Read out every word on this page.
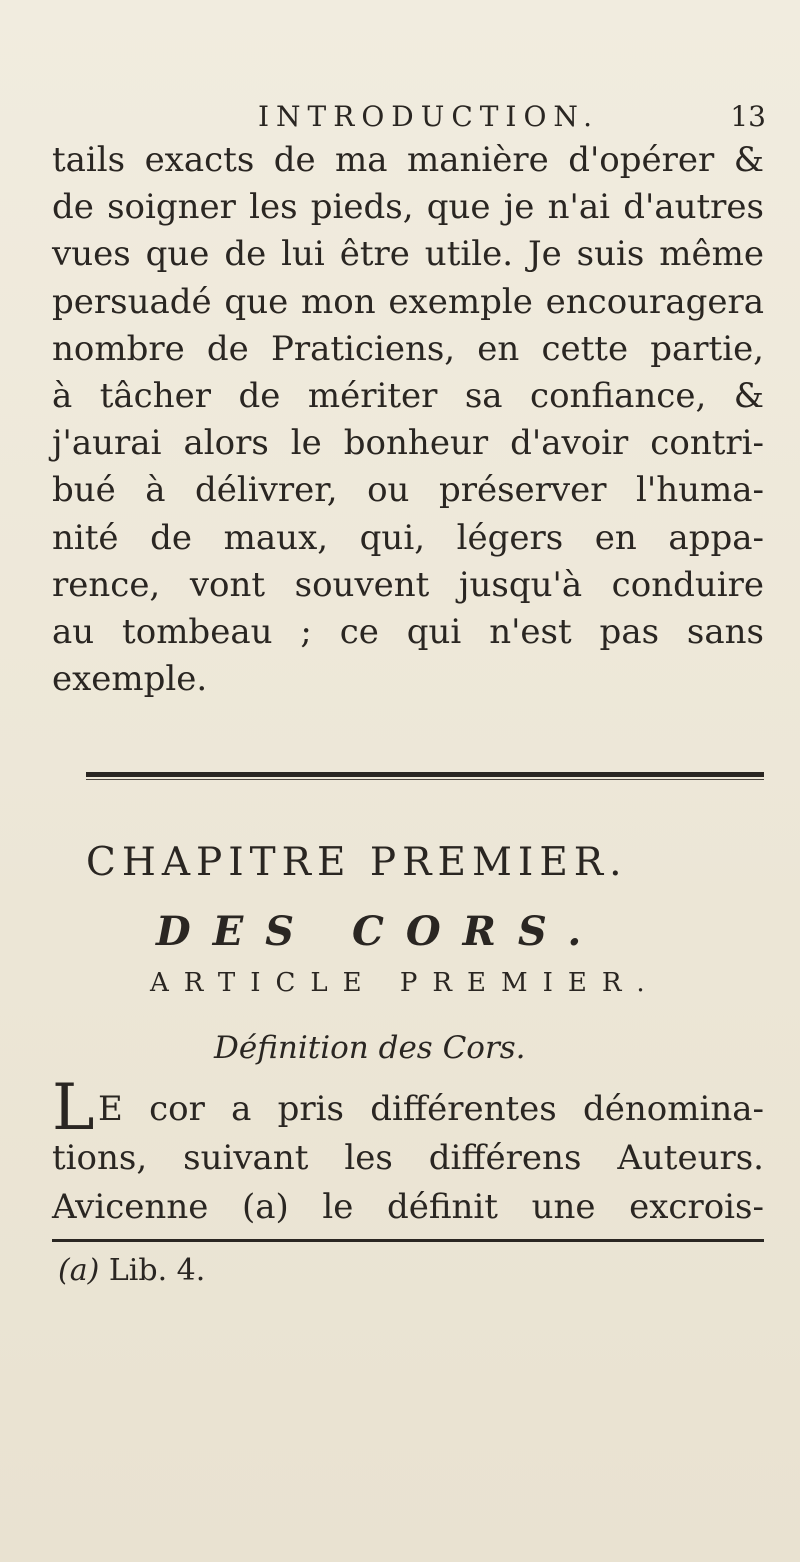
INTRODUCTION.	13
tails exacts de ma manière d'opérer &
de soigner les pieds, que je n'ai d'autres
vues que de lui être utile. Je suis même
persuadé que mon exemple encouragera
nombre de Praticiens, en cette partie,
à tâcher de mériter sa confiance, &
j'aurai alors le bonheur d'avoir contri-
bué à délivrer, ou préserver l'huma-
nité de maux, qui, légers en appa-
rence, vont souvent jusqu'à conduire
au tombeau ; ce qui n'est pas sans
exemple.
CHAPITRE PREMIER.
DES CORS.
ARTICLE PREMIER.
Définition des Cors.
L E cor a pris différentes dénomina-
tions, suivant les différens Auteurs.
Avicenne (a) le définit une excrois-
(a) Lib. 4.
